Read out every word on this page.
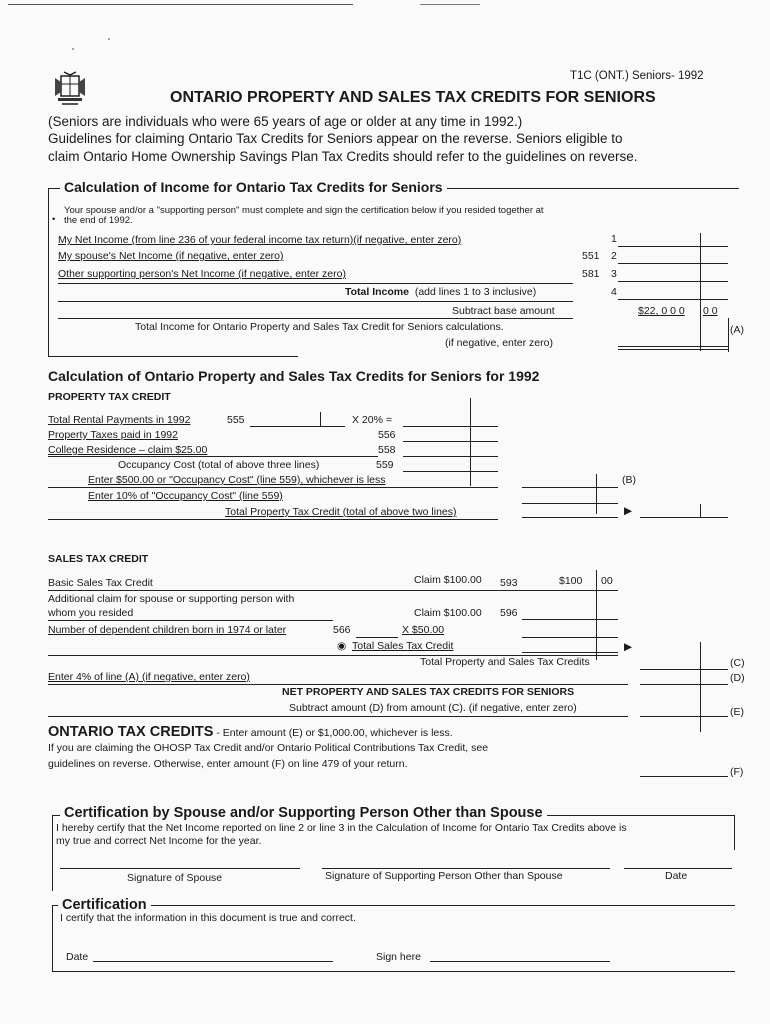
T1C (ONT.) Seniors- 1992
ONTARIO PROPERTY AND SALES TAX CREDITS FOR SENIORS
(Seniors are individuals who were 65 years of age or older at any time in 1992.)
Guidelines for claiming Ontario Tax Credits for Seniors appear on the reverse. Seniors eligible to
claim Ontario Home Ownership Savings Plan Tax Credits should refer to the guidelines on reverse.
Calculation of Income for Ontario Tax Credits for Seniors
Your spouse and/or a "supporting person" must complete and sign the certification below if you resided together at
• the end of 1992.
My Net Income (from line 236 of your federal income tax return)(if negative, enter zero)	1
My spouse's Net Income (if negative, enter zero)	551 2
Other supporting person's Net Income (if negative, enter zero)	581 3
Total Income (add lines 1 to 3 inclusive)	4
Subtract base amount	$22, 0 0 0 0 0
Total Income for Ontario Property and Sales Tax Credit for Seniors calculations.
(if negative, enter zero)
(A)
Calculation of Ontario Property and Sales Tax Credits for Seniors for 1992
PROPERTY TAX CREDIT
Total Rental Payments in 1992	555	X 20% =
Property Taxes paid in 1992	556
College Residence – claim $25.00	558
Occupancy Cost (total of above three lines)	559
Enter $500.00 or "Occupancy Cost" (line 559), whichever is less	(B)
Enter 10% of "Occupancy Cost" (line 559)
Total Property Tax Credit (total of above two lines)	▶
SALES TAX CREDIT
Basic Sales Tax Credit	Claim $100.00 593	$100 00
Additional claim for spouse or supporting person with
whom you resided	Claim $100.00 596
Number of dependent children born in 1974 or later	566	X $50.00
◉ Total Sales Tax Credit	▶
Total Property and Sales Tax Credits	(C)
Enter 4% of line (A) (if negative, enter zero)	(D)
NET PROPERTY AND SALES TAX CREDITS FOR SENIORS
Subtract amount (D) from amount (C). (if negative, enter zero)	(E)
ONTARIO TAX CREDITS - Enter amount (E) or $1,000.00, whichever is less.
If you are claiming the OHOSP Tax Credit and/or Ontario Political Contributions Tax Credit, see
guidelines on reverse. Otherwise, enter amount (F) on line 479 of your return.
(F)
Certification by Spouse and/or Supporting Person Other than Spouse
I hereby certify that the Net Income reported on line 2 or line 3 in the Calculation of Income for Ontario Tax Credits above is
my true and correct Net Income for the year.
Signature of Spouse	Signature of Supporting Person Other than Spouse	Date
Certification
I certify that the information in this document is true and correct.
Date	Sign here
